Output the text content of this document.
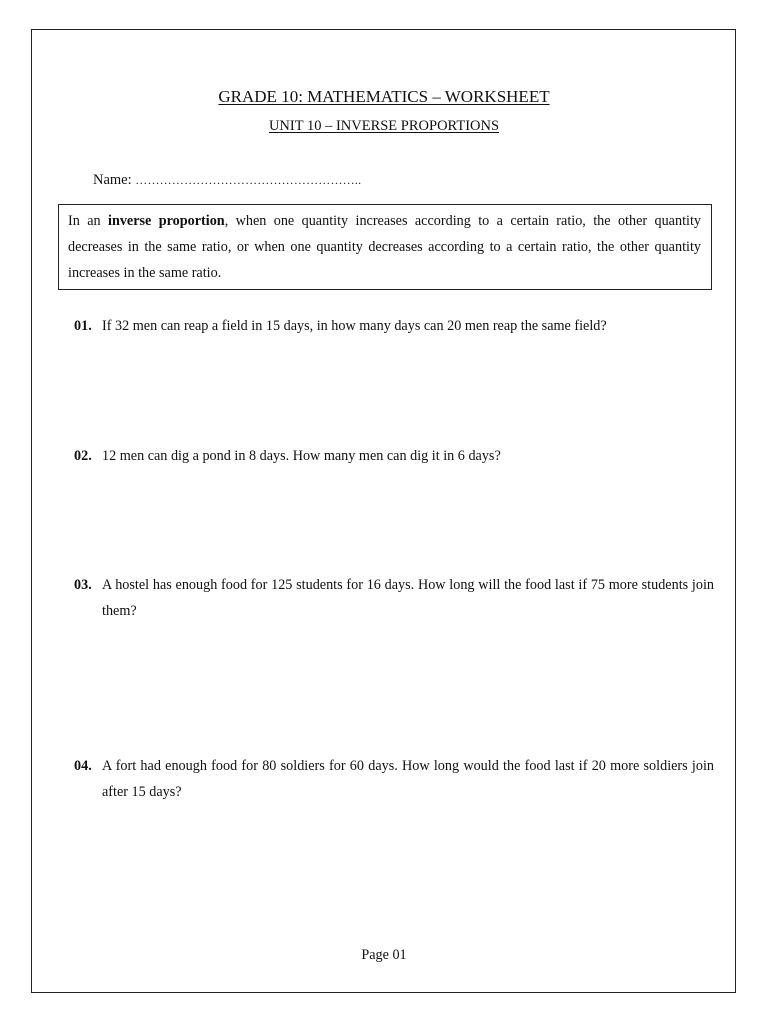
GRADE 10: MATHEMATICS – WORKSHEET
UNIT 10 – INVERSE PROPORTIONS
Name: ………………………………………………..
In an inverse proportion, when one quantity increases according to a certain ratio, the other quantity decreases in the same ratio, or when one quantity decreases according to a certain ratio, the other quantity increases in the same ratio.
01. If 32 men can reap a field in 15 days, in how many days can 20 men reap the same field?
02. 12 men can dig a pond in 8 days. How many men can dig it in 6 days?
03. A hostel has enough food for 125 students for 16 days. How long will the food last if 75 more students join them?
04. A fort had enough food for 80 soldiers for 60 days. How long would the food last if 20 more soldiers join after 15 days?
Page 01
